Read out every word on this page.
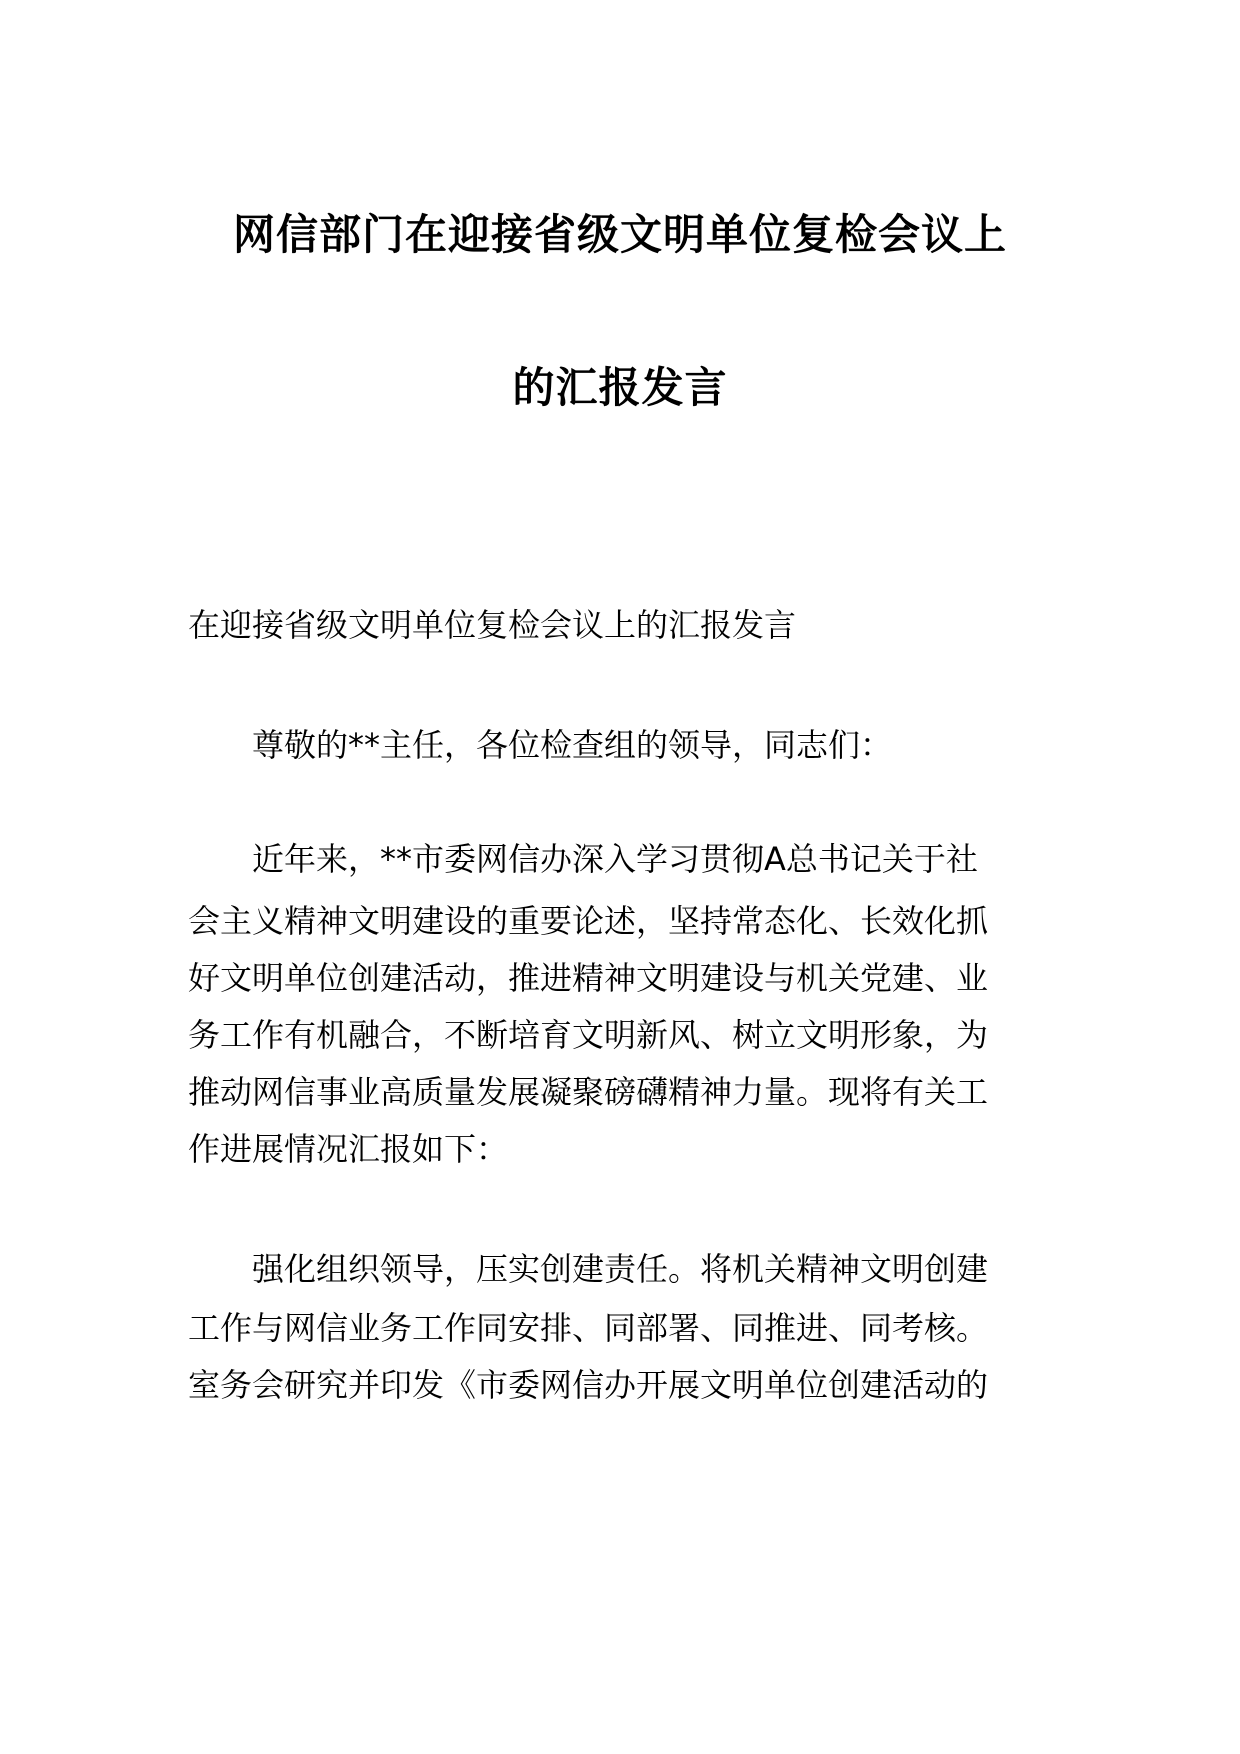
网信部门在迎接省级文明单位复检会议上
的汇报发言
在迎接省级文明单位复检会议上的汇报发言
尊敬的**主任，各位检查组的领导，同志们：
近年来，**市委网信办深入学习贯彻A总书记关于社
会主义精神文明建设的重要论述，坚持常态化、长效化抓
好文明单位创建活动，推进精神文明建设与机关党建、业
务工作有机融合，不断培育文明新风、树立文明形象，为
推动网信事业高质量发展凝聚磅礴精神力量。现将有关工
作进展情况汇报如下：
强化组织领导，压实创建责任。将机关精神文明创建
工作与网信业务工作同安排、同部署、同推进、同考核。
室务会研究并印发《市委网信办开展文明单位创建活动的
